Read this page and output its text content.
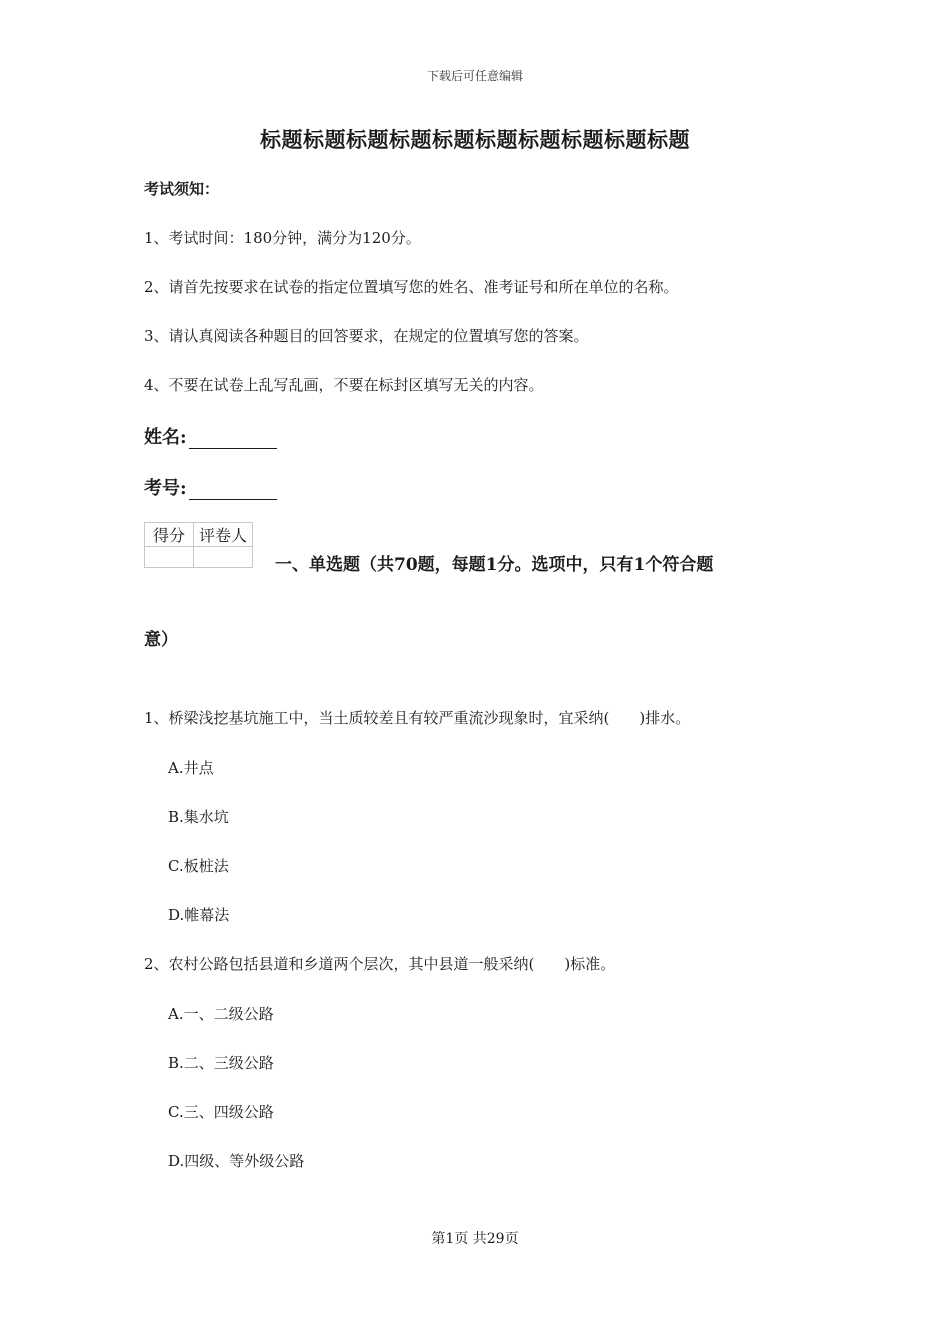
下载后可任意编辑
标题标题标题标题标题标题标题标题标题标题
考试须知：
1、考试时间：180分钟，满分为120分。
2、请首先按要求在试卷的指定位置填写您的姓名、准考证号和所在单位的名称。
3、请认真阅读各种题目的回答要求，在规定的位置填写您的答案。
4、不要在试卷上乱写乱画，不要在标封区填写无关的内容。
姓名:
考号:
得分	评卷人

一、单选题（共70题，每题1分。选项中，只有1个符合题
意）
1、桥梁浅挖基坑施工中，当土质较差且有较严重流沙现象时，宜采纳(　　)排水。
A.井点
B.集水坑
C.板桩法
D.帷幕法
2、农村公路包括县道和乡道两个层次，其中县道一般采纳(　　)标准。
A.一、二级公路
B.二、三级公路
C.三、四级公路
D.四级、等外级公路
第1页 共29页
